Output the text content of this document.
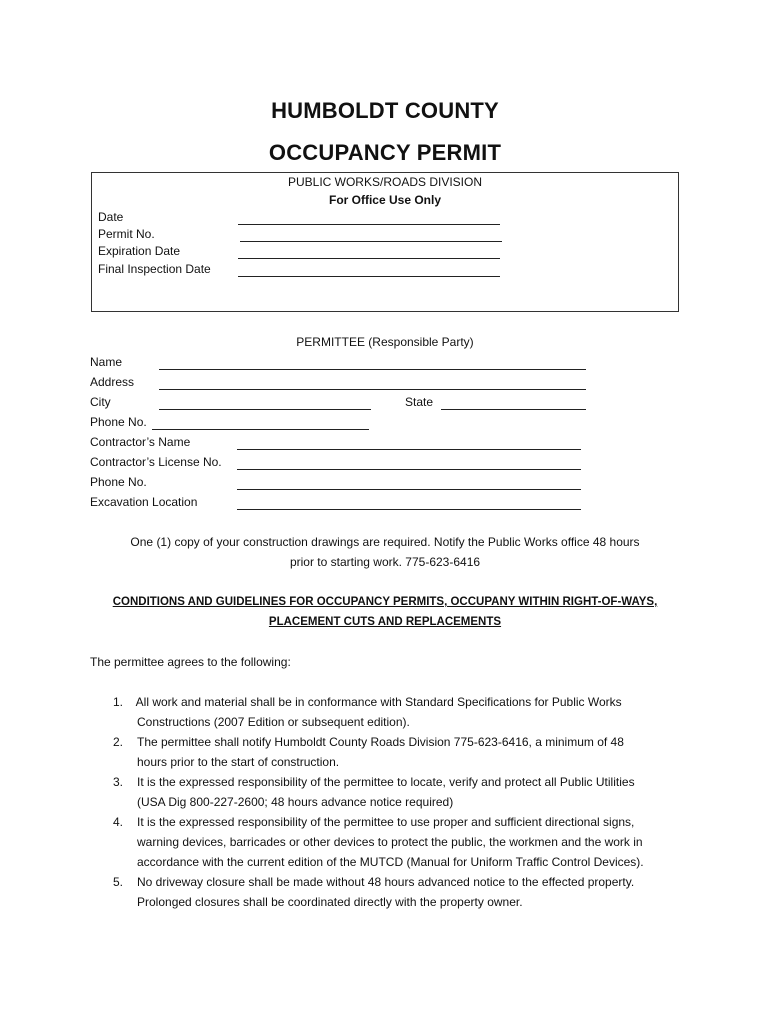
HUMBOLDT COUNTY
OCCUPANCY PERMIT
PUBLIC WORKS/ROADS DIVISION
For Office Use Only
Date
Permit No.
Expiration Date
Final Inspection Date
PERMITTEE (Responsible Party)
Name
Address
City	State
Phone No.
Contractor’s Name
Contractor’s License No.
Phone No.
Excavation Location
One (1) copy of your construction drawings are required. Notify the Public Works office 48 hours
prior to starting work. 775-623-6416
CONDITIONS AND GUIDELINES FOR OCCUPANCY PERMITS, OCCUPANY WITHIN RIGHT-OF-WAYS,
PLACEMENT CUTS AND REPLACEMENTS
The permittee agrees to the following:
1. All work and material shall be in conformance with Standard Specifications for Public Works
Constructions (2007 Edition or subsequent edition).
2. The permittee shall notify Humboldt County Roads Division 775-623-6416, a minimum of 48
hours prior to the start of construction.
3. It is the expressed responsibility of the permittee to locate, verify and protect all Public Utilities
(USA Dig 800-227-2600; 48 hours advance notice required)
4. It is the expressed responsibility of the permittee to use proper and sufficient directional signs,
warning devices, barricades or other devices to protect the public, the workmen and the work in
accordance with the current edition of the MUTCD (Manual for Uniform Traffic Control Devices).
5. No driveway closure shall be made without 48 hours advanced notice to the effected property.
Prolonged closures shall be coordinated directly with the property owner.
